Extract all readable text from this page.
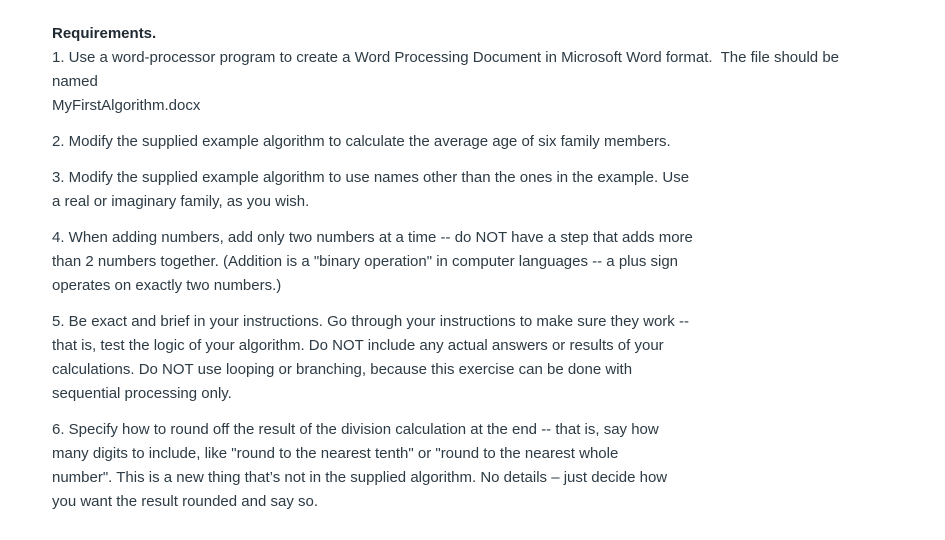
Requirements.

1. Use a word-processor program to create a Word Processing Document in Microsoft Word format.  The file should be
named
MyFirstAlgorithm.docx
2. Modify the supplied example algorithm to calculate the average age of six family members.
3. Modify the supplied example algorithm to use names other than the ones in the example. Use
a real or imaginary family, as you wish.
4. When adding numbers, add only two numbers at a time -- do NOT have a step that adds more
than 2 numbers together. (Addition is a "binary operation" in computer languages -- a plus sign
operates on exactly two numbers.)
5. Be exact and brief in your instructions. Go through your instructions to make sure they work --
that is, test the logic of your algorithm. Do NOT include any actual answers or results of your
calculations. Do NOT use looping or branching, because this exercise can be done with
sequential processing only.
6. Specify how to round off the result of the division calculation at the end -- that is, say how
many digits to include, like "round to the nearest tenth" or "round to the nearest whole
number". This is a new thing that’s not in the supplied algorithm. No details – just decide how
you want the result rounded and say so.
